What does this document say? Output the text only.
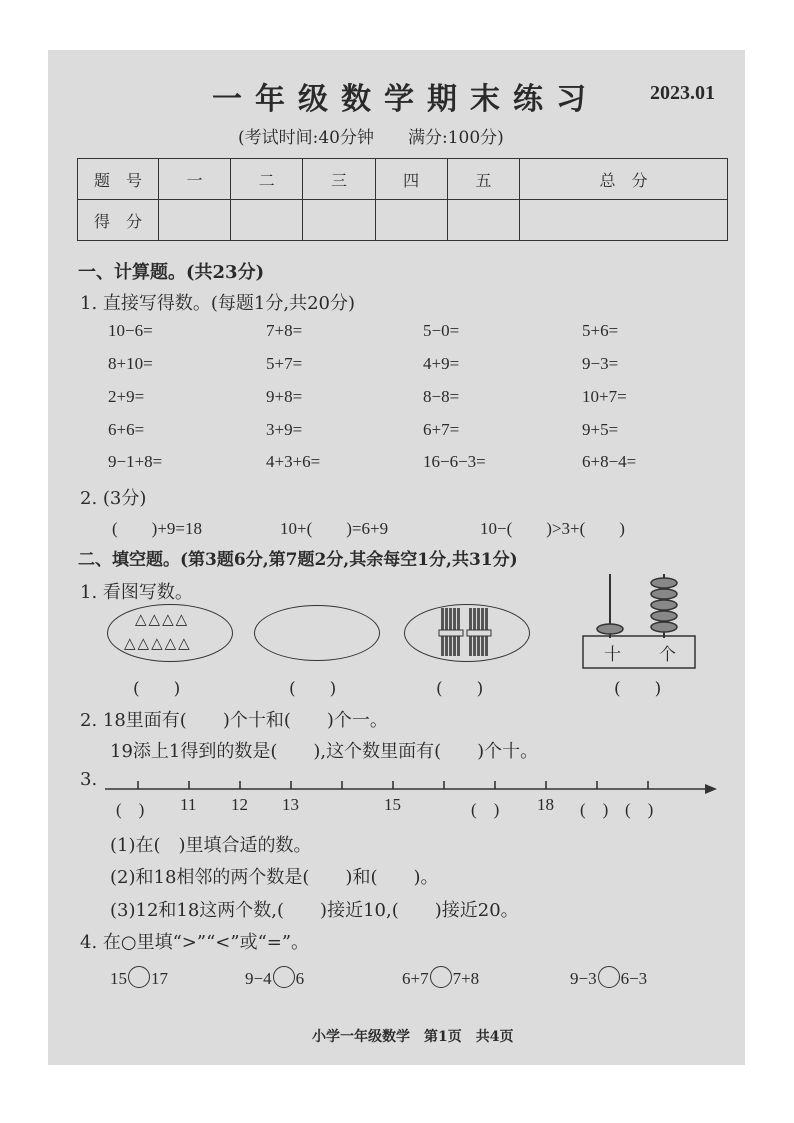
一年级数学期末练习	2023.01
(考试时间:40分钟　　满分:100分)
题　号	一	二	三	四	五	总　分
得　分						
一、计算题。(共23分)
1. 直接写得数。(每题1分,共20分)
10−6=	7+8=	5−0=	5+6=
8+10=	5+7=	4+9=	9−3=
2+9=	9+8=	8−8=	10+7=
6+6=	3+9=	6+7=	9+5=
9−1+8=	4+3+6=	16−6−3=	6+8−4=
2. (3分)
(　　)+9=18	10+(　　)=6+9	10−(　　)>3+(　　)
二、填空题。(第3题6分,第7题2分,其余每空1分,共31分)
1. 看图写数。
△△△△
△△△△△
十 个
(　　)	(　　)	(　　)	(　　)
2. 18里面有(　　)个十和(　　)个一。
19添上1得到的数是(　　),这个数里面有(　　)个十。
3.
(　) 11 12 13	15	(　) 18 (　) (　)
(1)在(　)里填合适的数。
(2)和18相邻的两个数是(　　)和(　　)。
(3)12和18这两个数,(　　)接近10,(　　)接近20。
4. 在○里填“>”“<”或“=”。
15 17	9−4 6	6+7 7+8	9−3 6−3
小学一年级数学　第1页　共4页
